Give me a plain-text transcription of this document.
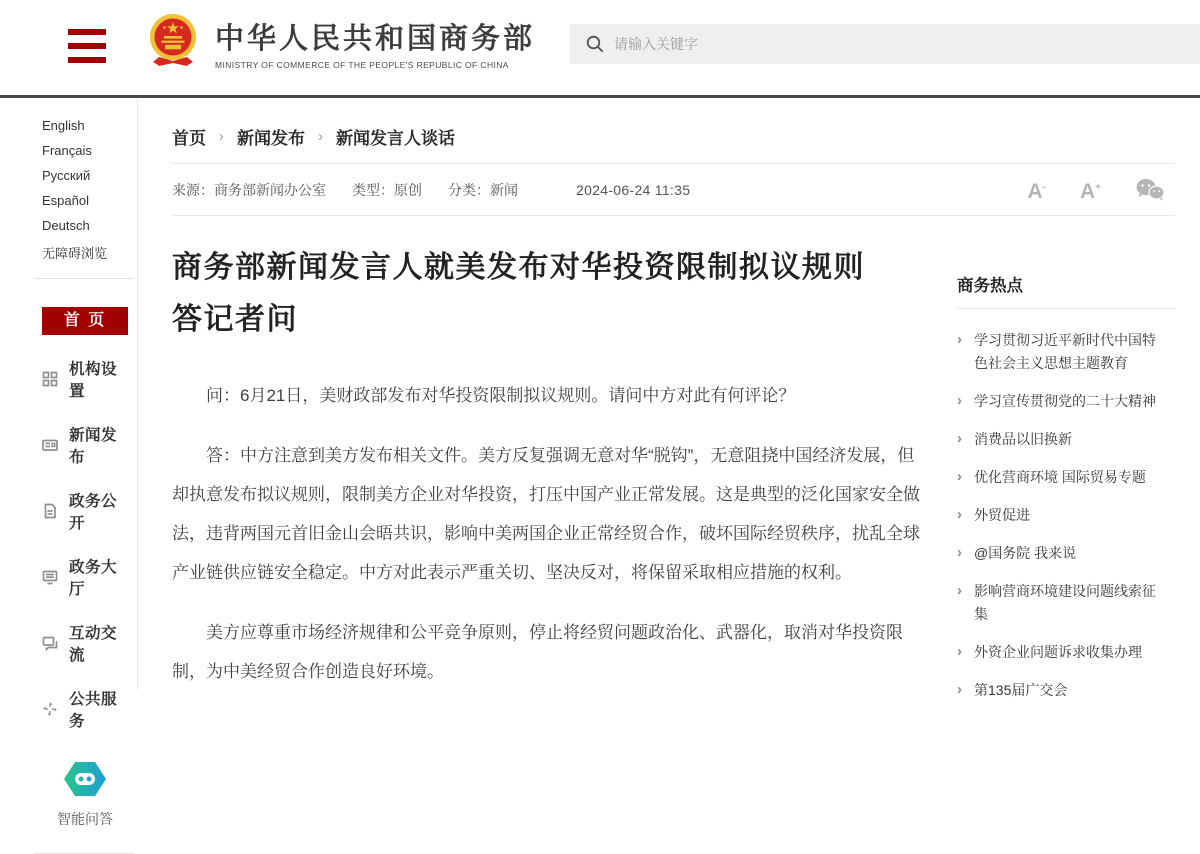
中华人民共和国商务部
MINISTRY OF COMMERCE OF THE PEOPLE'S REPUBLIC OF CHINA
请输入关键字
English
Français
Русский
Español
Deutsch
无障碍浏览
首 页
机构设置
新闻发布
政务公开
政务大厅
互动交流
公共服务
智能问答
首页 › 新闻发布 › 新闻发言人谈话
来源：商务部新闻办公室 类型：原创 分类：新闻	2024-06-24 11:35	A- A+
商务部新闻发言人就美发布对华投资限制拟议规则答记者问

问：6月21日，美财政部发布对华投资限制拟议规则。请问中方对此有何评论？

答：中方注意到美方发布相关文件。美方反复强调无意对华“脱钩”，无意阻挠中国经济发展，但却执意发布拟议规则，限制美方企业对华投资，打压中国产业正常发展。这是典型的泛化国家安全做法，违背两国元首旧金山会晤共识，影响中美两国企业正常经贸合作，破坏国际经贸秩序，扰乱全球产业链供应链安全稳定。中方对此表示严重关切、坚决反对，将保留采取相应措施的权利。

美方应尊重市场经济规律和公平竞争原则，停止将经贸问题政治化、武器化，取消对华投资限制，为中美经贸合作创造良好环境。

商务热点
› 学习贯彻习近平新时代中国特色社会主义思想主题教育
› 学习宣传贯彻党的二十大精神
› 消费品以旧换新
› 优化营商环境 国际贸易专题
› 外贸促进
› @国务院 我来说
› 影响营商环境建设问题线索征集
› 外资企业问题诉求收集办理
› 第135届广交会
